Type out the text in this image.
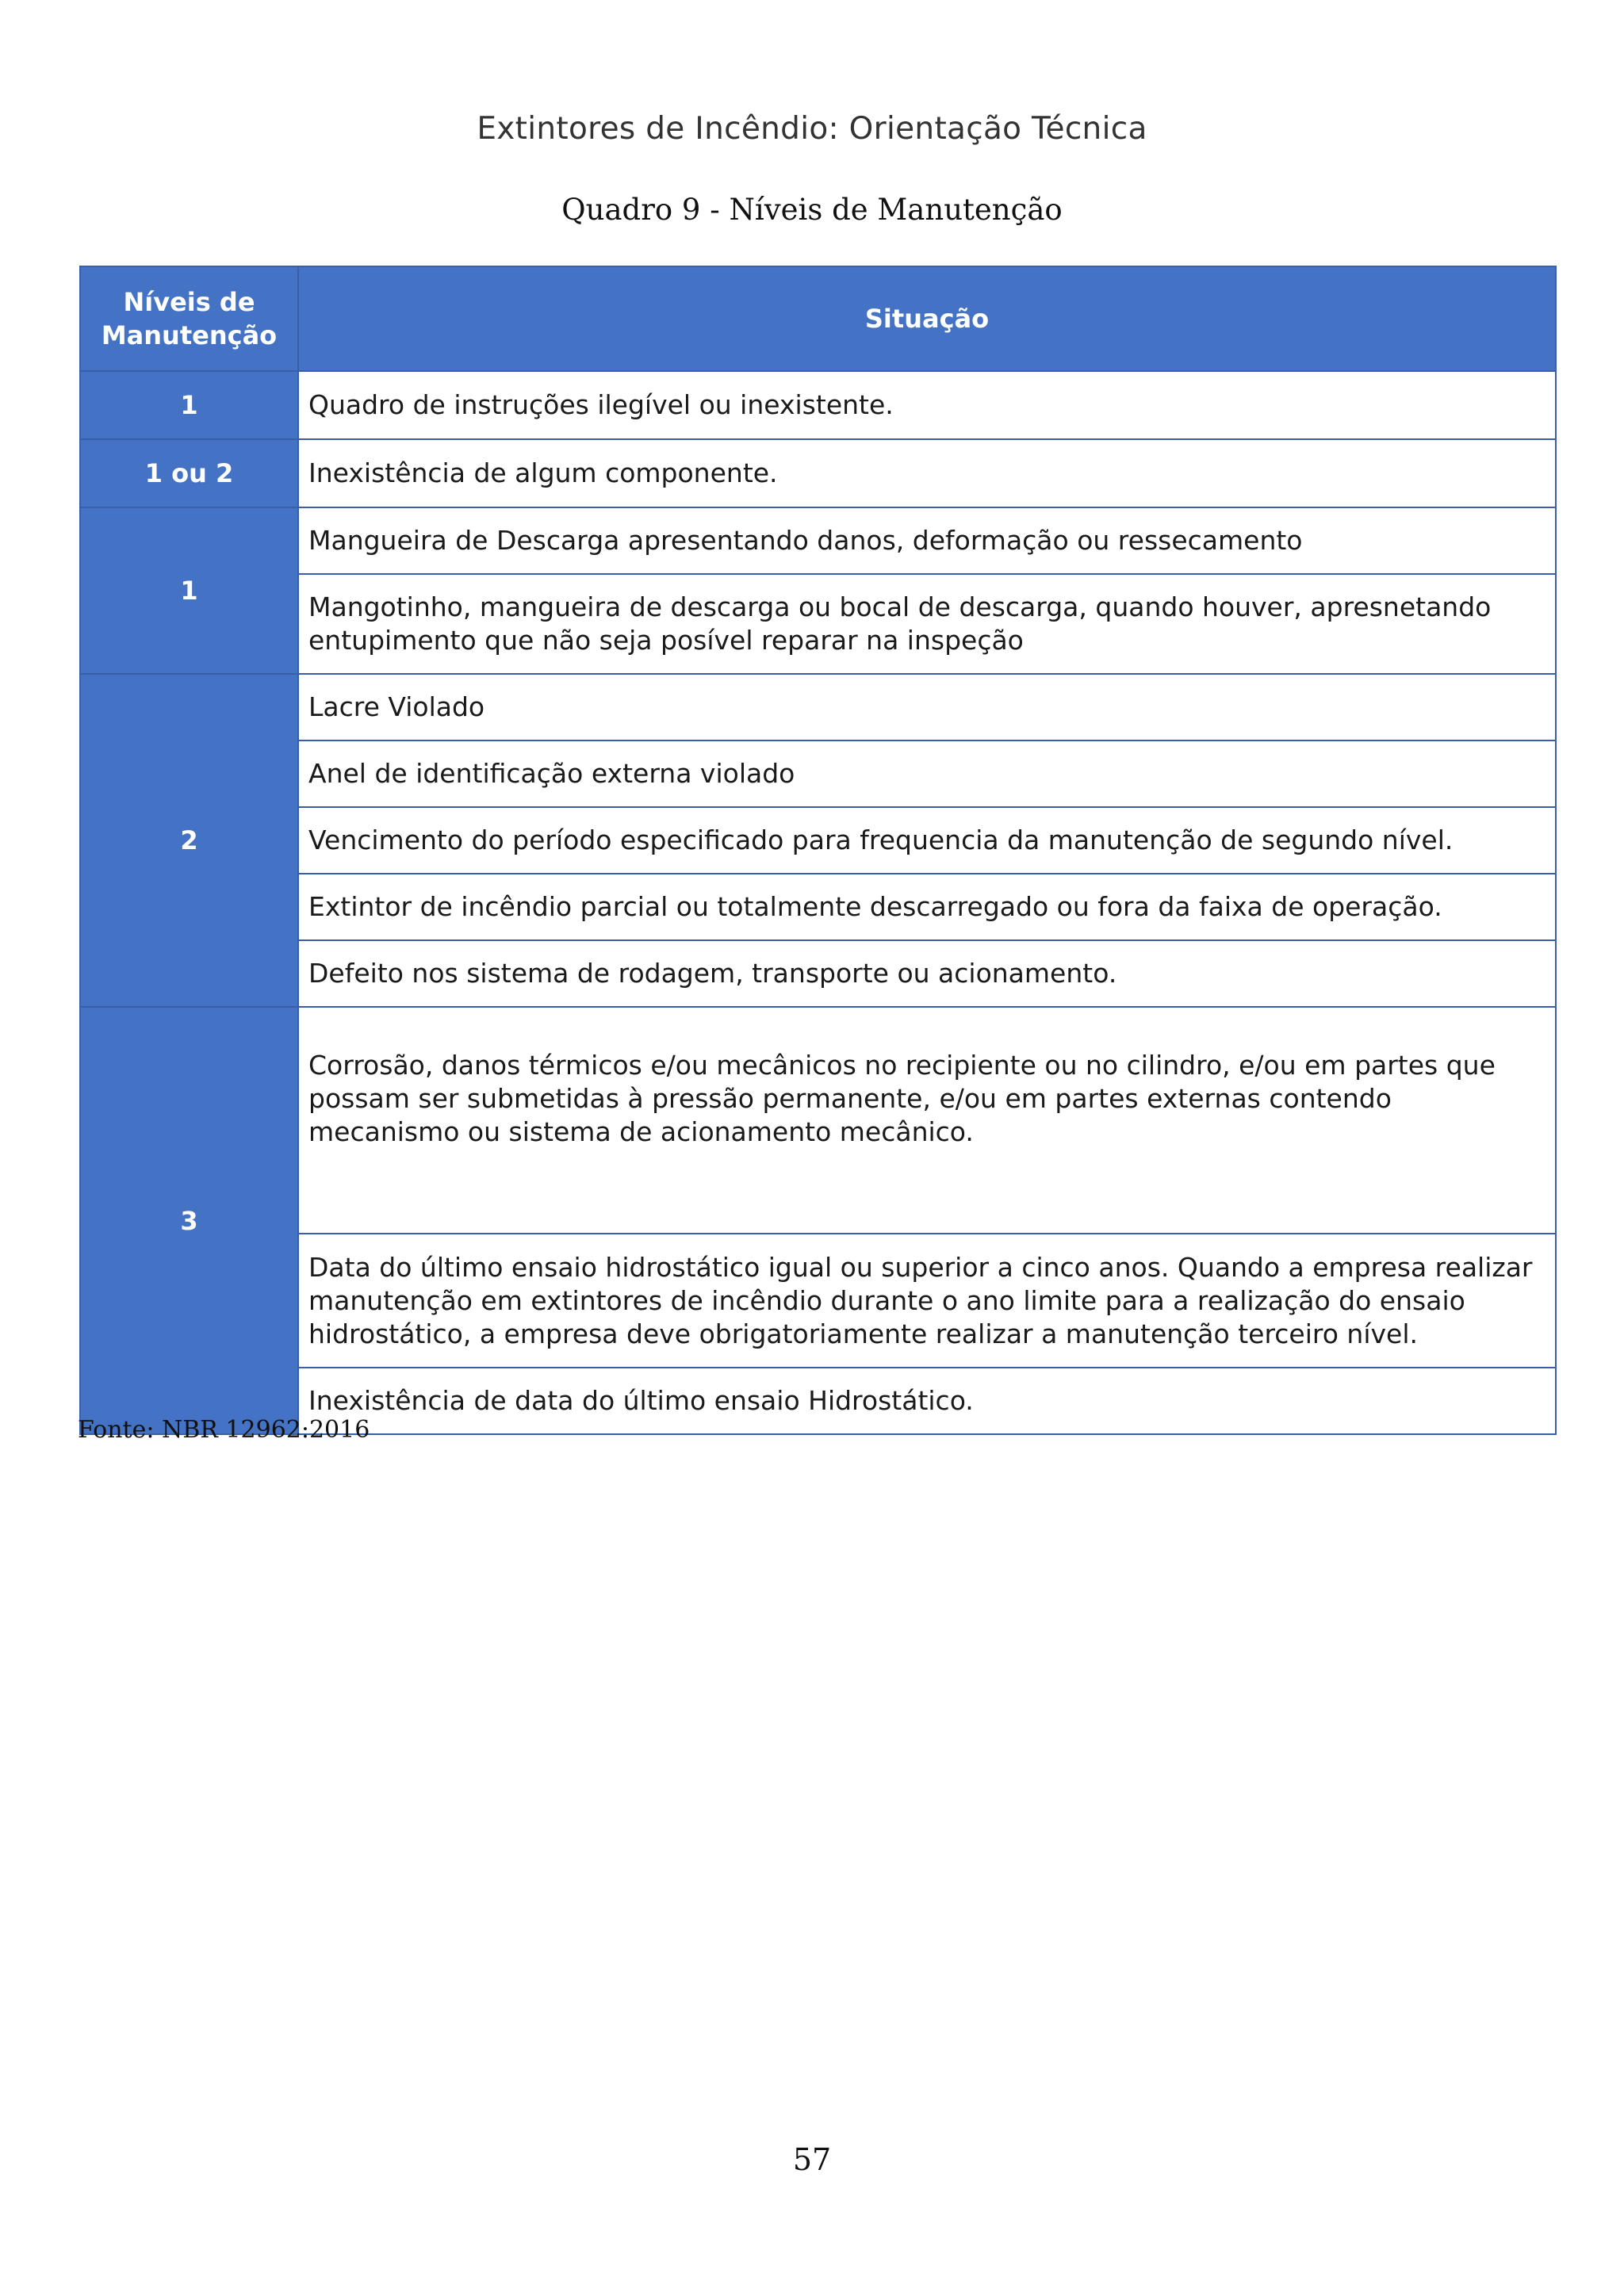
Extintores de Incêndio: Orientação Técnica
Quadro 9 - Níveis de Manutenção
Níveis de Manutenção	Situação
1	Quadro de instruções ilegível ou inexistente.
1 ou 2	Inexistência de algum componente.
1	Mangueira de Descarga apresentando danos, deformação ou ressecamento
	Mangotinho, mangueira de descarga ou bocal de descarga, quando houver, apresnetando entupimento que não seja posível reparar na inspeção
2	Lacre Violado
	Anel de identificação externa violado
	Vencimento do período especificado para frequencia da manutenção de segundo nível.
	Extintor de incêndio parcial ou totalmente descarregado ou fora da faixa de operação.
	Defeito nos sistema de rodagem, transporte ou acionamento.
3	Corrosão, danos térmicos e/ou mecânicos no recipiente ou no cilindro, e/ou em partes que possam ser submetidas à pressão permanente, e/ou em partes externas contendo mecanismo ou sistema de acionamento mecânico.
	Data do último ensaio hidrostático igual ou superior a cinco anos. Quando a empresa realizar manutenção em extintores de incêndio durante o ano limite para a realização do ensaio hidrostático, a empresa deve obrigatoriamente realizar a manutenção terceiro nível.
	Inexistência de data do último ensaio Hidrostático.
Fonte: NBR 12962:2016
57
